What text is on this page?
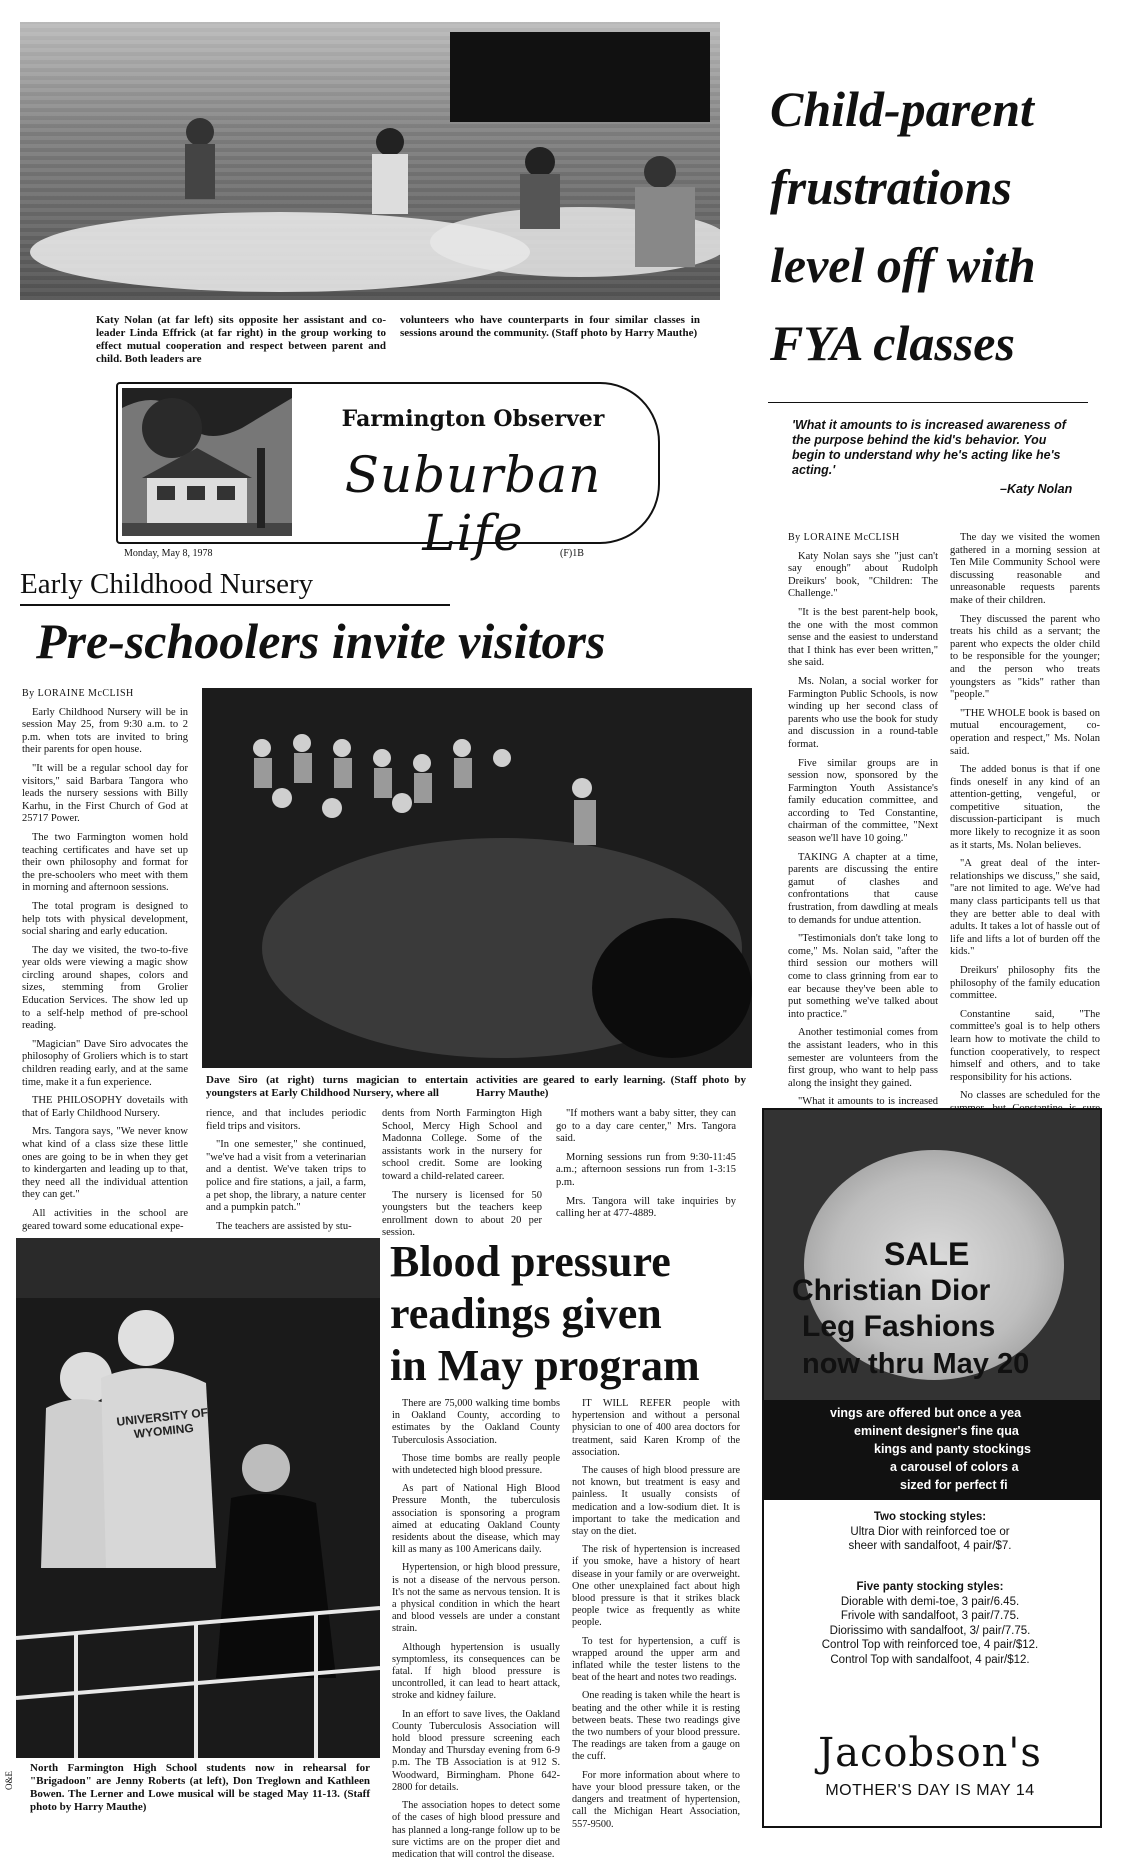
Katy Nolan (at far left) sits opposite her assistant and co-leader Linda Effrick (at far right) in the group working to effect mutual cooperation and respect between parent and child. Both leaders are
volunteers who have counterparts in four similar classes in sessions around the community. (Staff photo by Harry Mauthe)
Child-parent
frustrations
level off with
FYA classes
'What it amounts to is increased awareness of the purpose behind the kid's behavior. You begin to understand why he's acting like he's acting.'
–Katy Nolan
Farmington Observer
Suburban Life
Monday, May 8, 1978	(F)1B

By LORAINE McCLISH

Katy Nolan says she "just can't say enough" about Rudolph Dreikurs' book, "Children: The Challenge."

"It is the best parent-help book, the one with the most common sense and the easiest to understand that I think has ever been written," she said.

Ms. Nolan, a social worker for Farmington Public Schools, is now winding up her second class of parents who use the book for study and discussion in a round-table format.

Five similar groups are in session now, sponsored by the Farmington Youth Assistance's family education committee, and according to Ted Constantine, chairman of the committee, "Next season we'll have 10 going."

TAKING A chapter at a time, parents are discussing the entire gamut of clashes and confrontations that cause frustration, from dawdling at meals to demands for undue attention.

"Testimonials don't take long to come," Ms. Nolan said, "after the third session our mothers will come to class grinning from ear to ear because they've been able to put something we've talked about into practice."

Another testimonial comes from the assistant leaders, who in this semester are volunteers from the first group, who want to help pass along the insight they gained.

"What it amounts to is increased

The day we visited the women gathered in a morning session at Ten Mile Community School were discussing reasonable and unreasonable requests parents make of their children.

They discussed the parent who treats his child as a servant; the parent who expects the older child to be responsible for the younger; and the person who treats youngsters as "kids" rather than "people."

"THE WHOLE book is based on mutual encouragement, co-operation and respect," Ms. Nolan said.

The added bonus is that if one finds oneself in any kind of an attention-getting, vengeful, or competitive situation, the discussion-participant is much more likely to recognize it as soon as it starts, Ms. Nolan believes.

"A great deal of the inter-relationships we discuss," she said, "are not limited to age. We've had many class participants tell us that they are better able to deal with adults. It takes a lot of hassle out of life and lifts a lot of burden off the kids."

Dreikurs' philosophy fits the philosophy of the family education committee.

Constantine said, "The committee's goal is to help others learn how to motivate the child to function cooperatively, to respect himself and others, and to take responsibility for his actions.

No classes are scheduled for the

Early Childhood Nursery
Pre-schoolers invite visitors

By LORAINE McCLISH

Early Childhood Nursery will be in session May 25, from 9:30 a.m. to 2 p.m. when tots are invited to bring their parents for open house.

"It will be a regular school day for visitors," said Barbara Tangora who leads the nursery sessions with Billy Karhu, in the First Church of God at 25717 Power.

The two Farmington women hold teaching certificates and have set up their own philosophy and format for the pre-schoolers who meet with them in morning and afternoon sessions.

The total program is designed to help tots with physical development, social sharing and early education.

The day we visited, the two-to-five year olds were viewing a magic show circling around shapes, colors and sizes, stemming from Grolier Education Services. The show led up to a self-help method of pre-school reading.

"Magician" Dave Siro advocates the philosophy of Groliers which is to start children reading early, and at the same time, make it a fun experience.

THE PHILOSOPHY dovetails with that of Early Childhood Nursery.

Mrs. Tangora says, "We never know what kind of a class size these little ones are going to be in when they get to kindergarten and leading up to that, they need all the individual attention they can get."

All activities in the school are geared toward some educational expe-

Dave Siro (at right) turns magician to entertain youngsters at Early Childhood Nursery, where all
activities are geared to early learning. (Staff photo by Harry Mauthe)

rience, and that includes periodic field trips and visitors.

"In one semester," she continued, "we've had a visit from a veterinarian and a dentist. We've taken trips to police and fire stations, a jail, a farm, a pet shop, the library, a nature center and a pumpkin patch."

The teachers are assisted by stu-

dents from North Farmington High School, Mercy High School and Madonna College. Some of the assistants work in the nursery for school credit. Some are looking toward a child-related career.

The nursery is licensed for 50 youngsters but the teachers keep enrollment down to about 20 per session.

"If mothers want a baby sitter, they can go to a day care center," Mrs. Tangora said.

Morning sessions run from 9:30-11:45 a.m.; afternoon sessions run from 1-3:15 p.m.

Mrs. Tangora will take inquiries by calling her at 477-4889.

UNIVERSITY OF WYOMING
North Farmington High School students now in rehearsal for "Brigadoon" are Jenny Roberts (at left), Don Treglown and Kathleen Bowen. The Lerner and Lowe musical will be staged May 11-13. (Staff photo by Harry Mauthe)
O&E
Blood pressure
readings given
in May program

There are 75,000 walking time bombs in Oakland County, according to estimates by the Oakland County Tuberculosis Association.

Those time bombs are really people with undetected high blood pressure.

As part of National High Blood Pressure Month, the tuberculosis association is sponsoring a program aimed at educating Oakland County residents about the disease, which may kill as many as 100 Americans daily.

Hypertension, or high blood pressure, is not a disease of the nervous person. It's not the same as nervous tension. It is a physical condition in which the heart and blood vessels are under a constant strain.

Although hypertension is usually symptomless, its consequences can be fatal. If high blood pressure is uncontrolled, it can lead to heart attack, stroke and kidney failure.

In an effort to save lives, the Oakland County Tuberculosis Association will hold blood pressure screening each Monday and Thursday evening from 6-9 p.m. The TB Association is at 912 S. Woodward, Birmingham. Phone 642-2800 for details.

The association hopes to detect some of the cases of high blood pressure and has planned a long-range follow up to be sure victims are on the proper diet and medication that will control the disease.

IT WILL REFER people with hypertension and without a personal physician to one of 400 area doctors for treatment, said Karen Kromp of the association.

The causes of high blood pressure are not known, but treatment is easy and painless. It usually consists of medication and a low-sodium diet. It is important to take the medication and stay on the diet.

The risk of hypertension is increased if you smoke, have a history of heart disease in your family or are overweight. One other unexplained fact about high blood pressure is that it strikes black people twice as frequently as white people.

To test for hypertension, a cuff is wrapped around the upper arm and inflated while the tester listens to the beat of the heart and notes two readings.

One reading is taken while the heart is beating and the other while it is resting between beats. These two readings give the two numbers of your blood pressure. The readings are taken from a gauge on the cuff.

For more information about where to have your blood pressure taken, or the dangers and treatment of hypertension, call the Michigan Heart Association, 557-9500.

SALE
Christian Dior
Leg Fashions
now thru May 20
vings are offered but once a yea
eminent designer's fine qua
kings and panty stockings
a carousel of colors a
sized for perfect fi
Two stocking styles:
Ultra Dior with reinforced toe or
sheer with sandalfoot, 4 pair/$7.
Five panty stocking styles:
Diorable with demi-toe, 3 pair/6.45.
Frivole with sandalfoot, 3 pair/7.75.
Diorissimo with sandalfoot, 3/ pair/7.75.
Control Top with reinforced toe, 4 pair/$12.
Control Top with sandalfoot, 4 pair/$12.
Jacobson's
MOTHER'S DAY IS MAY 14
